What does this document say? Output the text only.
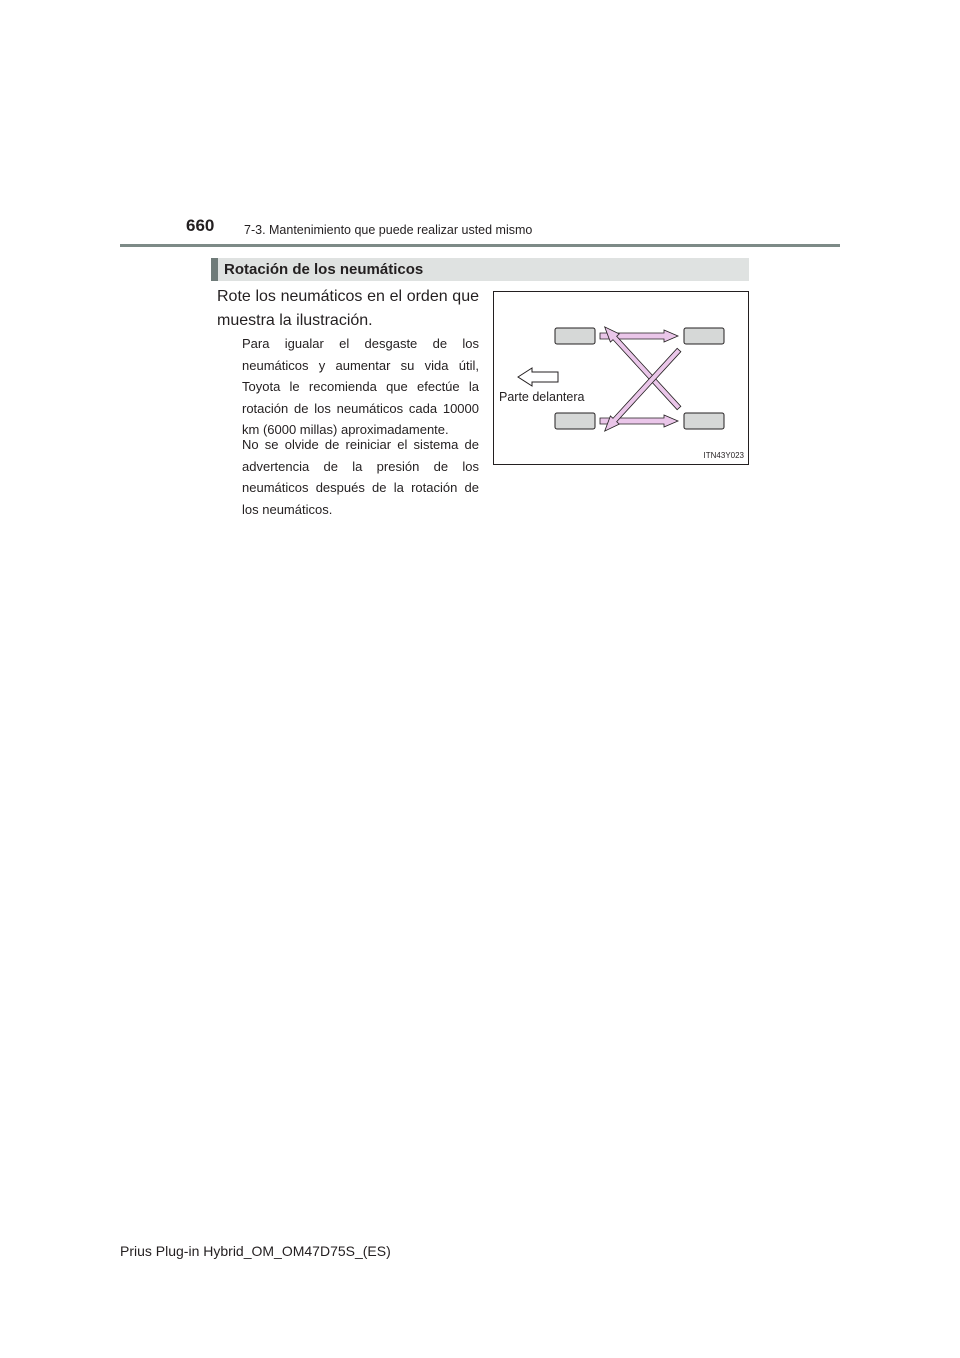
660 7-3. Mantenimiento que puede realizar usted mismo
Rotación de los neumáticos

Rote los neumáticos en el orden que muestra la ilustración.

Para igualar el desgaste de los neumáticos y aumentar su vida útil, Toyota le recomienda que efectúe la rotación de los neumáticos cada 10000 km (6000 millas) aproximadamente.

No se olvide de reiniciar el sistema de advertencia de la presión de los neumáticos después de la rotación de los neumáticos.

Parte delantera
ITN43Y023
Prius Plug-in Hybrid_OM_OM47D75S_(ES)
